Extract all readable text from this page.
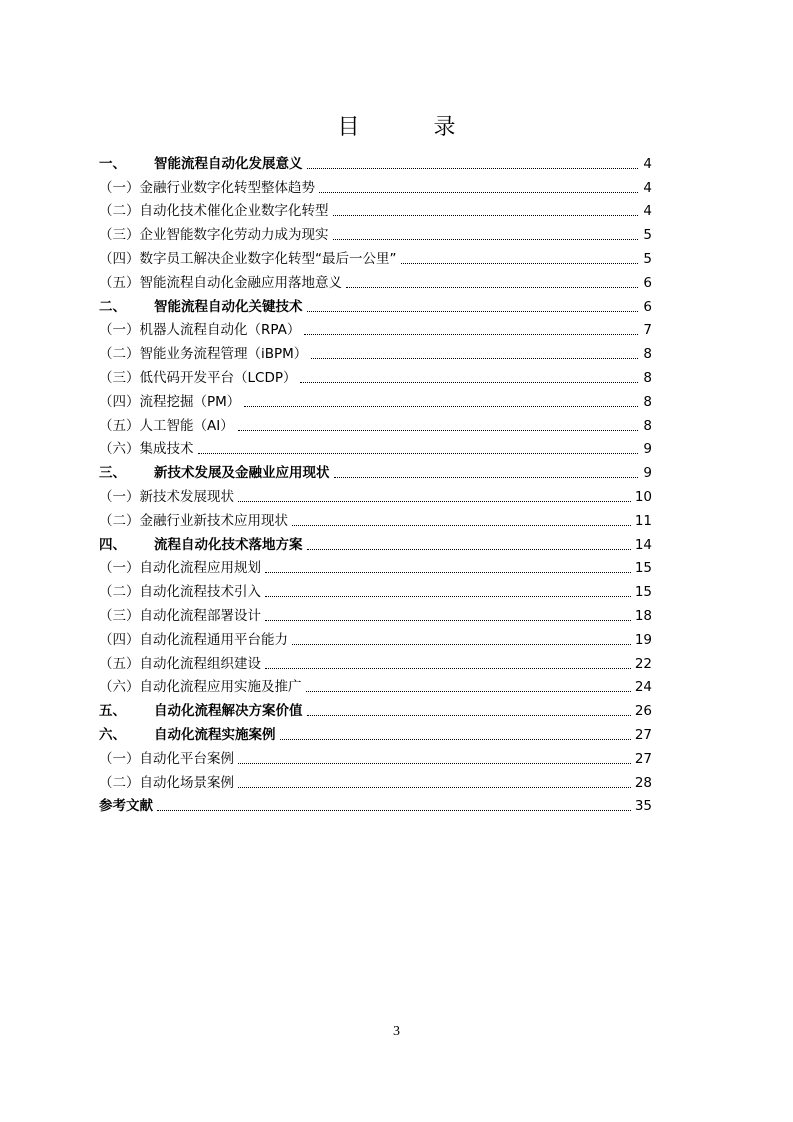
目　录
一、 智能流程自动化发展意义	4
（一）金融行业数字化转型整体趋势	4
（二）自动化技术催化企业数字化转型	4
（三）企业智能数字化劳动力成为现实	5
（四）数字员工解决企业数字化转型“最后一公里”	5
（五）智能流程自动化金融应用落地意义	6
二、 智能流程自动化关键技术	6
（一）机器人流程自动化（RPA）	7
（二）智能业务流程管理（iBPM）	8
（三）低代码开发平台（LCDP）	8
（四）流程挖掘（PM）	8
（五）人工智能（AI）	8
（六）集成技术	9
三、 新技术发展及金融业应用现状	9
（一）新技术发展现状	10
（二）金融行业新技术应用现状	11
四、 流程自动化技术落地方案	14
（一）自动化流程应用规划	15
（二）自动化流程技术引入	15
（三）自动化流程部署设计	18
（四）自动化流程通用平台能力	19
（五）自动化流程组织建设	22
（六）自动化流程应用实施及推广	24
五、 自动化流程解决方案价值	26
六、 自动化流程实施案例	27
（一）自动化平台案例	27
（二）自动化场景案例	28
参考文献	35
3
